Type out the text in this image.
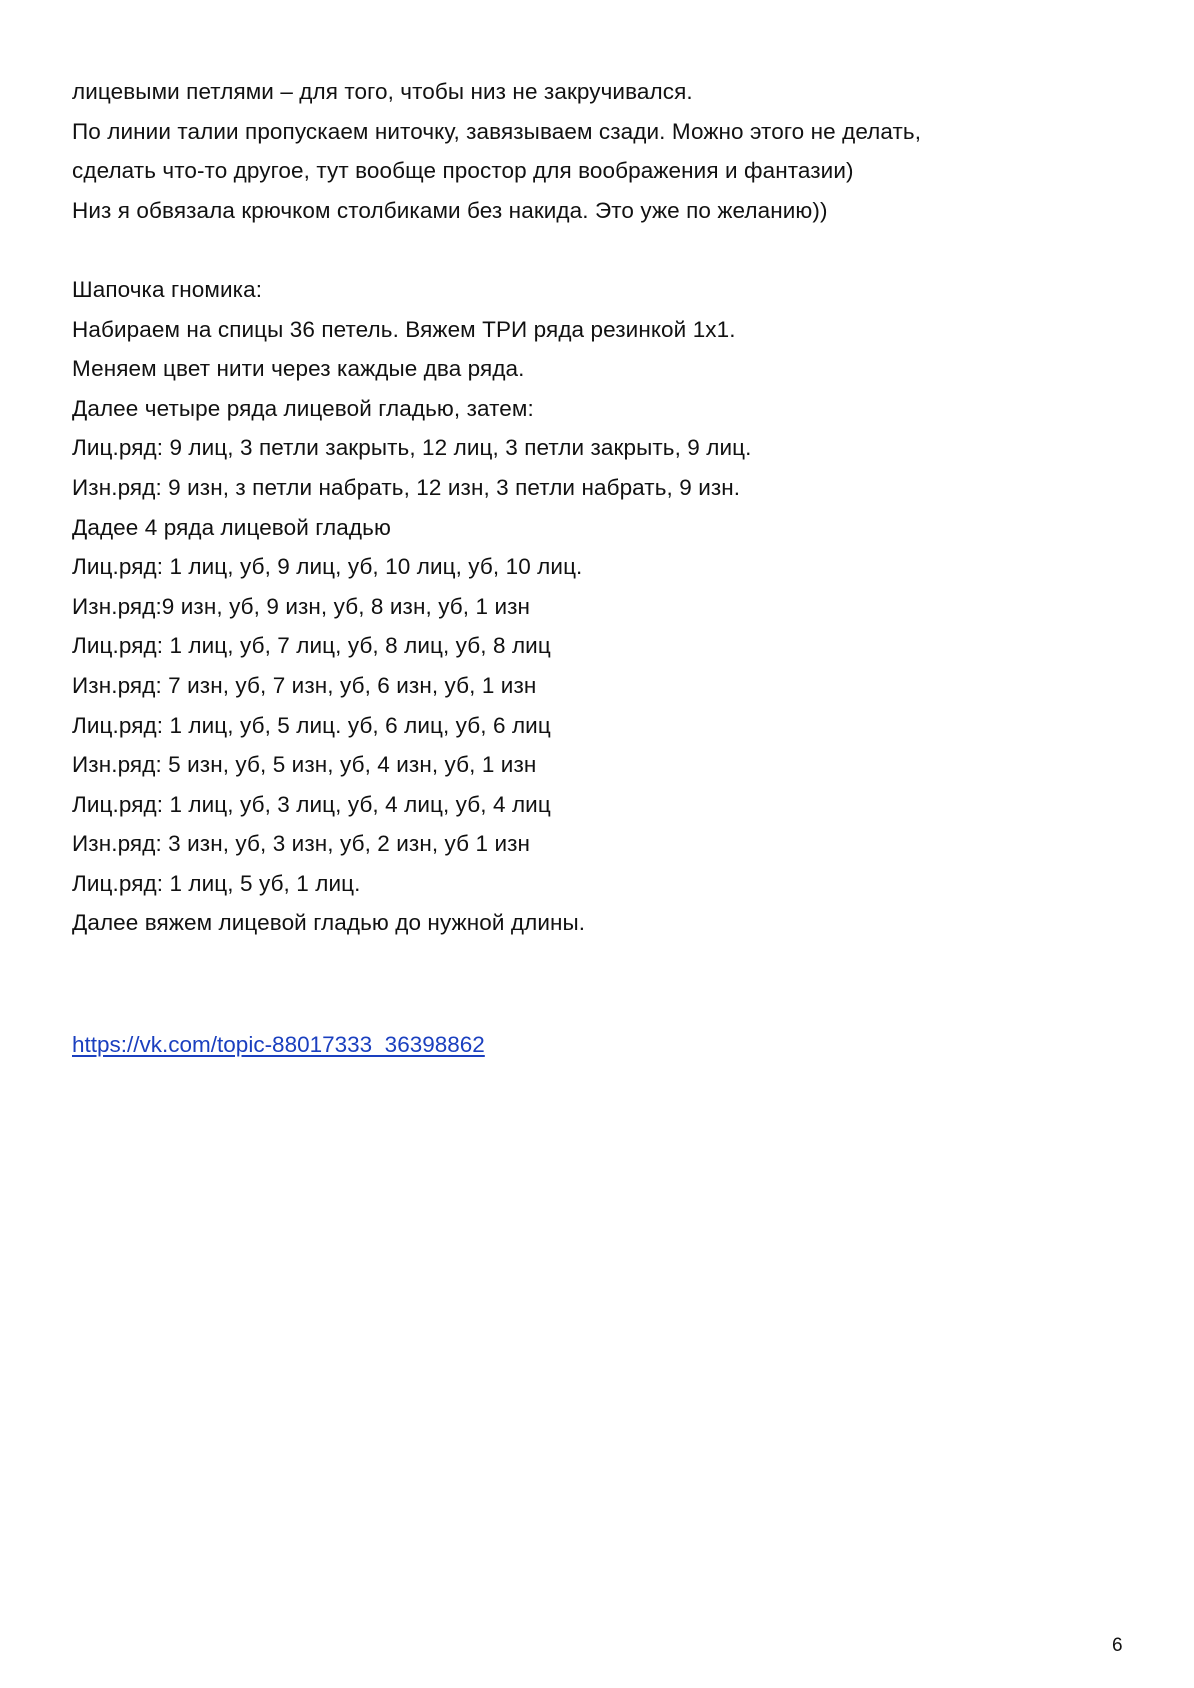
лицевыми петлями – для того, чтобы низ не закручивался.
По линии талии пропускаем ниточку, завязываем сзади. Можно этого не делать,
сделать что-то другое, тут вообще простор для воображения и фантазии)
Низ я обвязала крючком столбиками без накида. Это уже по желанию))
Шапочка гномика:
Набираем на спицы 36 петель. Вяжем ТРИ ряда резинкой 1х1.
Меняем цвет нити через каждые два ряда.
Далее четыре ряда лицевой гладью, затем:
Лиц.ряд: 9 лиц, 3 петли закрыть, 12 лиц, 3 петли закрыть, 9 лиц.
Изн.ряд: 9 изн, з петли набрать, 12 изн, 3 петли набрать, 9 изн.
Дадее 4 ряда лицевой гладью
Лиц.ряд: 1 лиц, уб, 9 лиц, уб, 10 лиц, уб, 10 лиц.
Изн.ряд:9 изн, уб, 9 изн, уб, 8 изн, уб, 1 изн
Лиц.ряд: 1 лиц, уб, 7 лиц, уб, 8 лиц, уб, 8 лиц
Изн.ряд: 7 изн, уб, 7 изн, уб, 6 изн, уб, 1 изн
Лиц.ряд: 1 лиц, уб, 5 лиц. уб, 6 лиц, уб, 6 лиц
Изн.ряд: 5 изн, уб, 5 изн, уб, 4 изн, уб, 1 изн
Лиц.ряд: 1 лиц, уб, 3 лиц, уб, 4 лиц, уб, 4 лиц
Изн.ряд: 3 изн, уб, 3 изн, уб, 2 изн, уб 1 изн
Лиц.ряд: 1 лиц, 5 уб, 1 лиц.
Далее вяжем лицевой гладью до нужной длины.
https://vk.com/topic-88017333_36398862
6
